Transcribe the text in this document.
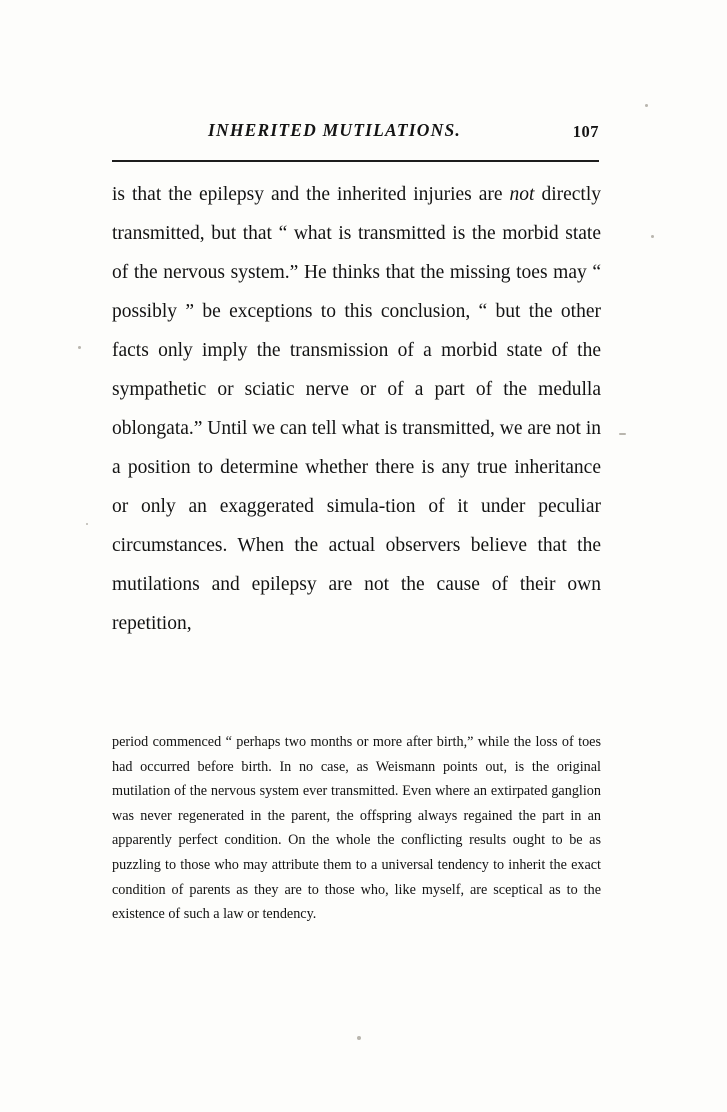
INHERITED MUTILATIONS.	107

is that the epilepsy and the inherited injuries are not directly transmitted, but that “ what is transmitted is the morbid state of the nervous system.” He thinks that the missing toes may “ possibly ” be exceptions to this conclusion, “ but the other facts only imply the transmission of a morbid state of the sympathetic or sciatic nerve or of a part of the medulla oblongata.” Until we can tell what is transmitted, we are not in a position to determine whether there is any true inheritance or only an exaggerated simula-tion of it under peculiar circumstances. When the actual observers believe that the mutilations and epilepsy are not the cause of their own repetition,

period commenced “ perhaps two months or more after birth,” while the loss of toes had occurred before birth. In no case, as Weismann points out, is the original mutilation of the nervous system ever transmitted. Even where an extirpated ganglion was never regenerated in the parent, the offspring always regained the part in an apparently perfect condition. On the whole the conflicting results ought to be as puzzling to those who may attribute them to a universal tendency to inherit the exact condition of parents as they are to those who, like myself, are sceptical as to the existence of such a law or tendency.
